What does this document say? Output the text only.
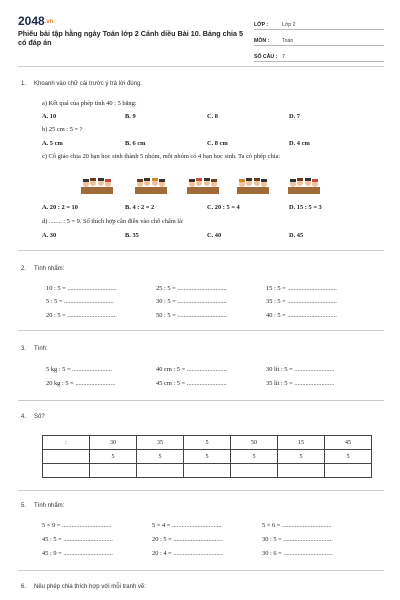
2048.vn
Phiếu bài tập hằng ngày Toán lớp 2 Cánh diều Bài 10. Bảng chia 5 có đáp án
LỚP :	Lớp 2
MÔN :	Toán
SỐ CÂU : 7
1. Khoanh vào chữ cái trước ý trả lời đúng.
a) Kết quả của phép tính 40 : 5 bằng:
A. 10	B. 9	C. 8	D. 7
b) 25 cm : 5 = ?
A. 5 cm	B. 6 cm	C. 8 cm	D. 4 cm
c) Cô giáo chia 20 bạn học sinh thành 5 nhóm, mỗi nhóm có 4 bạn học sinh. Ta có phép chia:
A. 20 : 2 = 10	B. 4 : 2 = 2	C. 20 : 5 = 4	D. 15 : 5 = 3
d) ........ : 5 = 9. Số thích hợp cần điền vào chỗ chấm là:
A. 30	B. 35	C. 40	D. 45
2. Tính nhẩm:
10 : 5 = ...............................	25 : 5 = ...............................	15 : 5 = ...............................
5 : 5 = ...............................	30 : 5 = ...............................	35 : 5 = ...............................
20 : 5 = ...............................	50 : 5 = ...............................	40 : 5 = ...............................
3. Tính:
5 kg : 5 = .........................	40 cm : 5 = .........................	30 lít : 5 = .........................
20 kg : 5 = .........................	45 cm : 5 = .........................	35 lít : 5 = .........................
4. Số?
:	30	35	5	50	15	45
	5	5	5	5	5	5

5. Tính nhẩm:
5 × 9 = ...............................	5 × 4 = ...............................	5 × 6 = ...............................
45 : 5 = ...............................	20 : 5 = ...............................	30 : 5 = ...............................
45 : 9 = ...............................	20 : 4 = ...............................	30 : 6 = ...............................
6. Nêu phép chia thích hợp với mỗi tranh vẽ:
